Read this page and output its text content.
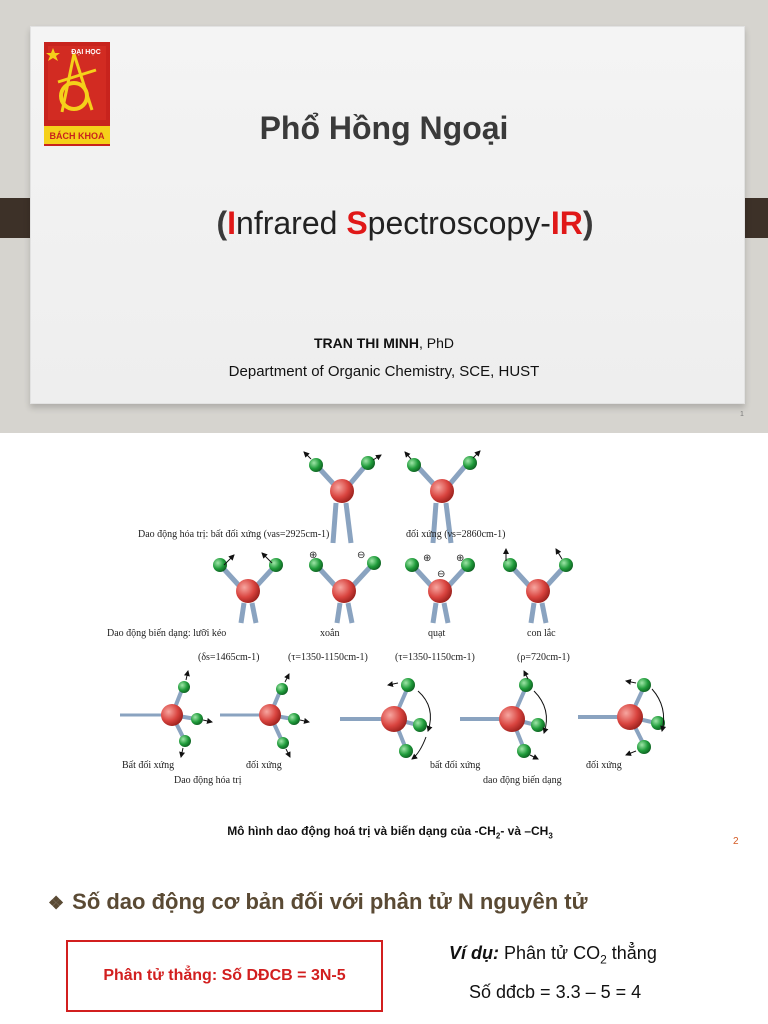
ĐẠI HỌC
BÁCH KHOA	Phổ Hồng Ngoại
(Infrared Spectroscopy-IR)
TRAN THI MINH, PhD
Department of Organic Chemistry, SCE, HUST
1
Dao động hóa trị: bất đối xứng (νas=2925cm-1)	đối xứng (νs=2860cm-1)
⊕	⊖	⊕ ⊕
⊖
Dao động biến dạng: lưỡi kéo	xoắn	quạt	con lắc
(δs=1465cm-1)	(τ=1350-1150cm-1)	(τ=1350-1150cm-1)	(ρ=720cm-1)
Bất đối xứng	đối xứng	bất đối xứng	đối xứng
Dao động hóa trị	dao động biến dạng
Mô hình dao động hoá trị và biến dạng của $-CH_2-$ và $-CH_3$
2
❖ Số dao động cơ bản đối với phân tử N nguyên tử
Phân tử thẳng: Số DĐCB = 3N-5
Ví dụ: Phân tử $CO_2$ thẳng
Số dđcb = 3.3 – 5 = 4
